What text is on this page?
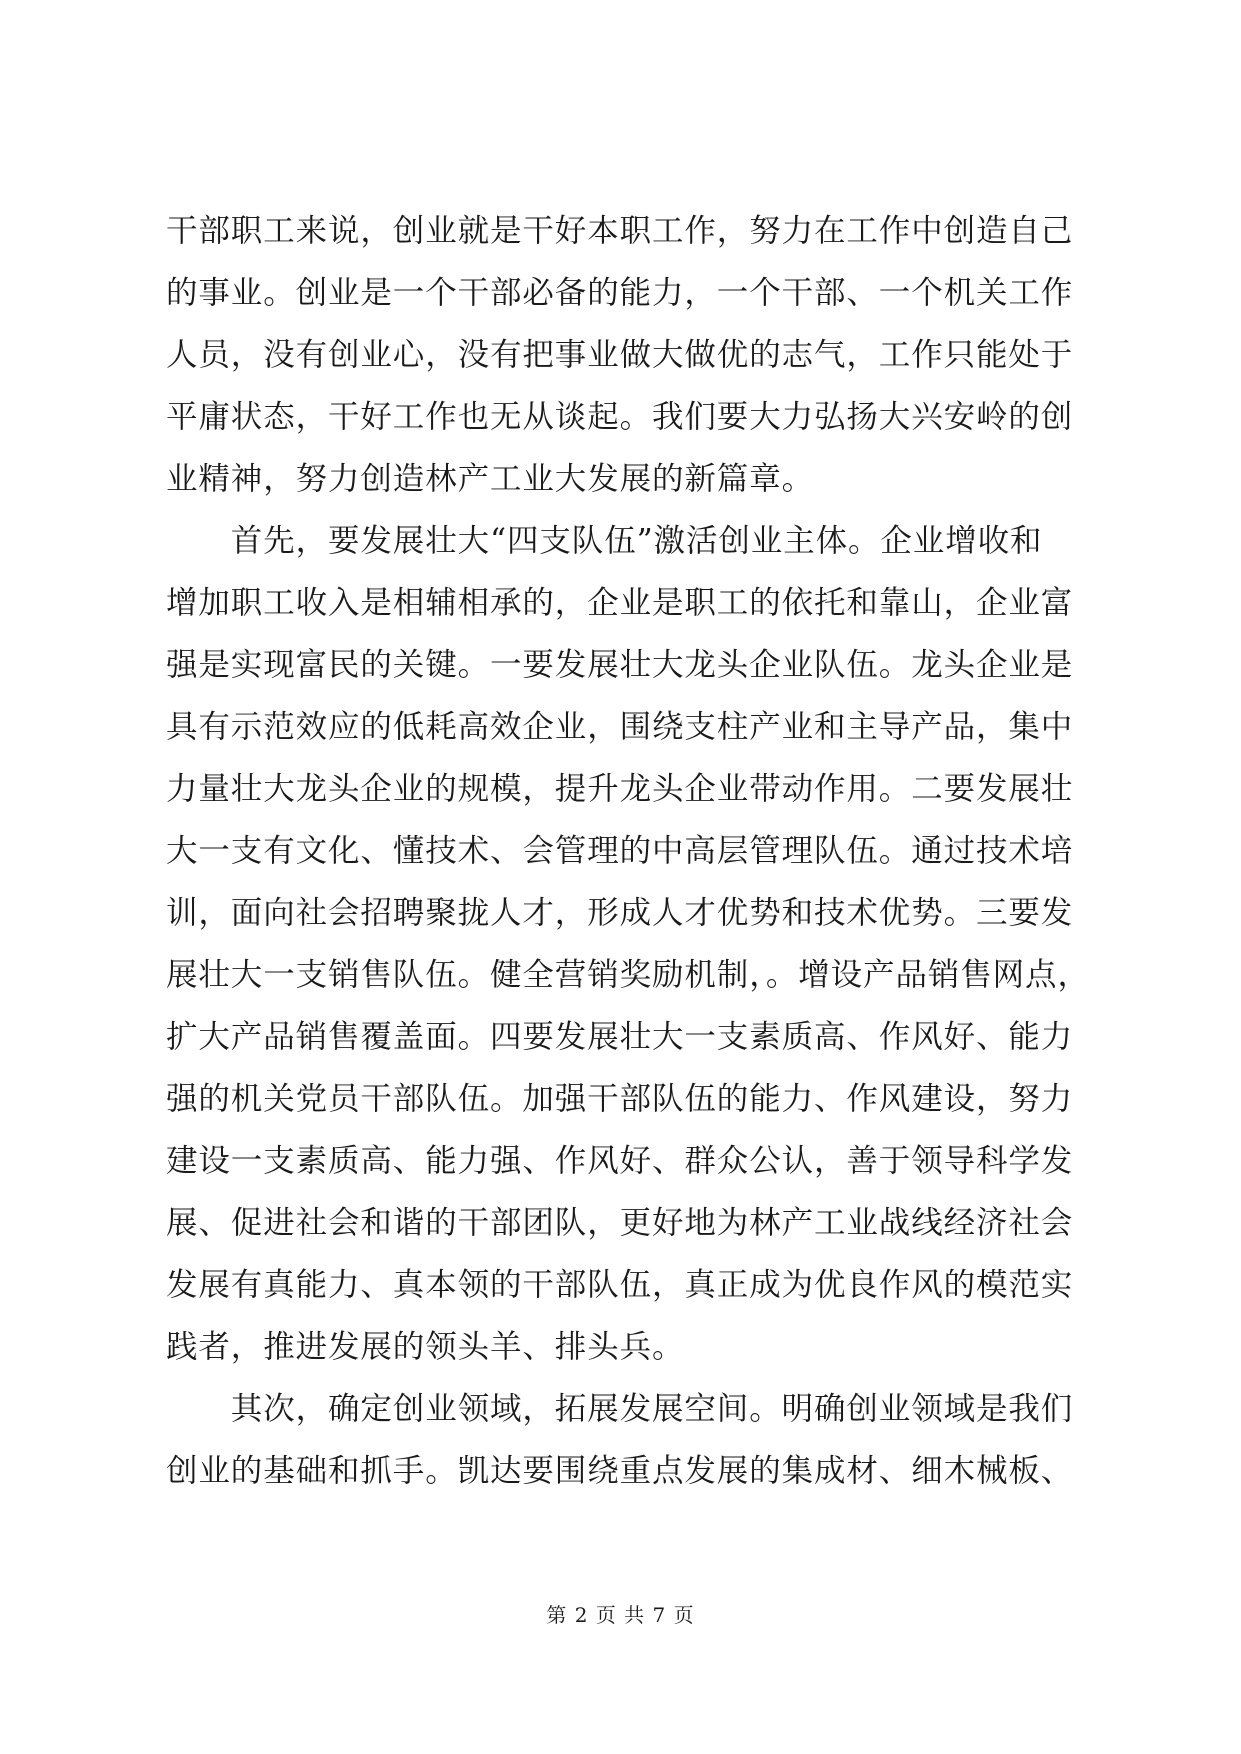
干部职工来说，创业就是干好本职工作，努力在工作中创造自己
的事业。创业是一个干部必备的能力，一个干部、一个机关工作
人员，没有创业心，没有把事业做大做优的志气，工作只能处于
平庸状态，干好工作也无从谈起。我们要大力弘扬大兴安岭的创
业精神，努力创造林产工业大发展的新篇章。
　　首先，要发展壮大“四支队伍”激活创业主体。企业增收和
增加职工收入是相辅相承的，企业是职工的依托和靠山，企业富
强是实现富民的关键。一要发展壮大龙头企业队伍。龙头企业是
具有示范效应的低耗高效企业，围绕支柱产业和主导产品，集中
力量壮大龙头企业的规模，提升龙头企业带动作用。二要发展壮
大一支有文化、懂技术、会管理的中高层管理队伍。通过技术培
训，面向社会招聘聚拢人才，形成人才优势和技术优势。三要发
展壮大一支销售队伍。健全营销奖励机制，。增设产品销售网点，
扩大产品销售覆盖面。四要发展壮大一支素质高、作风好、能力
强的机关党员干部队伍。加强干部队伍的能力、作风建设，努力
建设一支素质高、能力强、作风好、群众公认，善于领导科学发
展、促进社会和谐的干部团队，更好地为林产工业战线经济社会
发展有真能力、真本领的干部队伍，真正成为优良作风的模范实
践者，推进发展的领头羊、排头兵。
　　其次，确定创业领域，拓展发展空间。明确创业领域是我们
创业的基础和抓手。凯达要围绕重点发展的集成材、细木械板、
第 2 页 共 7 页
